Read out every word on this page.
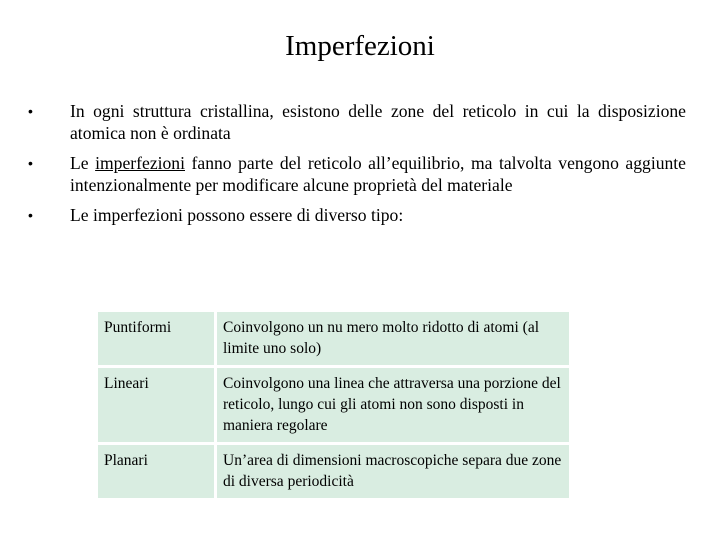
Imperfezioni
•	In ogni struttura cristallina, esistono delle zone del reticolo in cui la disposizione atomica non è ordinata
•	Le imperfezioni fanno parte del reticolo all’equilibrio, ma talvolta vengono aggiunte intenzionalmente per modificare alcune proprietà del materiale
•	Le imperfezioni possono essere di diverso tipo:
Puntiformi	Coinvolgono un nu mero molto ridotto di atomi (al limite uno solo)
Lineari	Coinvolgono una linea che attraversa una porzione del reticolo, lungo cui gli atomi non sono disposti in maniera regolare
Planari	Un’area di dimensioni macroscopiche separa due zone di diversa periodicità
